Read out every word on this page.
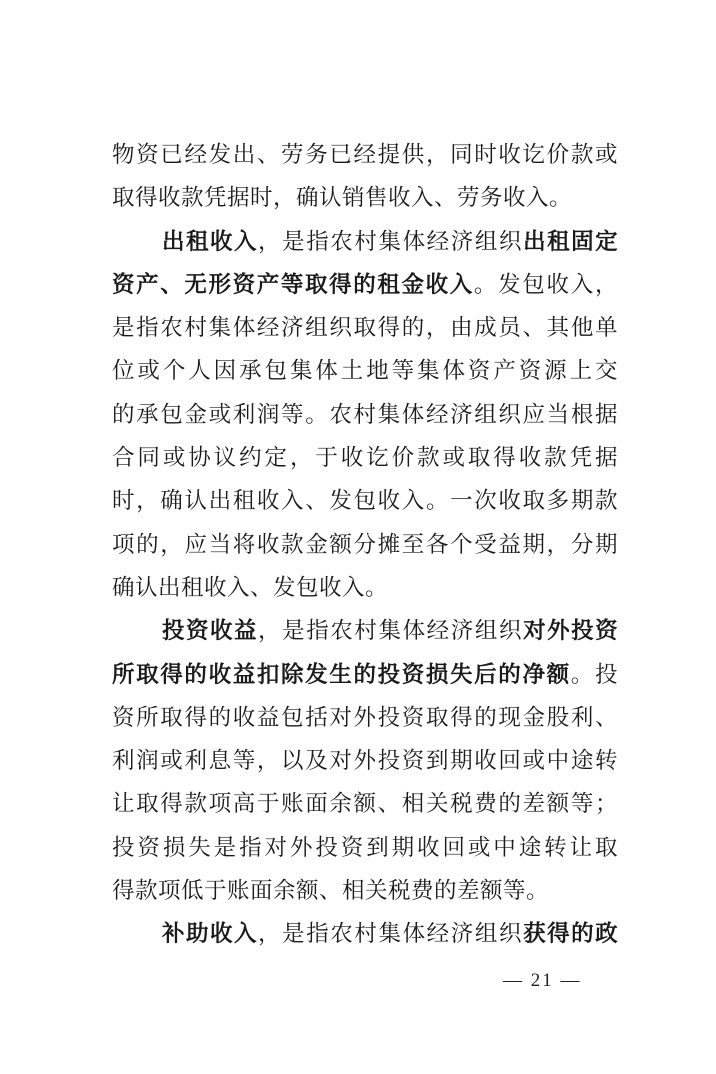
物资已经发出、劳务已经提供，同时收讫价款或
取得收款凭据时，确认销售收入、劳务收入。
出租收入，是指农村集体经济组织出租固定
资产、无形资产等取得的租金收入。发包收入，
是指农村集体经济组织取得的，由成员、其他单
位或个人因承包集体土地等集体资产资源上交
的承包金或利润等。农村集体经济组织应当根据
合同或协议约定，于收讫价款或取得收款凭据
时，确认出租收入、发包收入。一次收取多期款
项的，应当将收款金额分摊至各个受益期，分期
确认出租收入、发包收入。
投资收益，是指农村集体经济组织对外投资
所取得的收益扣除发生的投资损失后的净额。投
资所取得的收益包括对外投资取得的现金股利、
利润或利息等，以及对外投资到期收回或中途转
让取得款项高于账面余额、相关税费的差额等；
投资损失是指对外投资到期收回或中途转让取
得款项低于账面余额、相关税费的差额等。
补助收入，是指农村集体经济组织获得的政
— 21 —
